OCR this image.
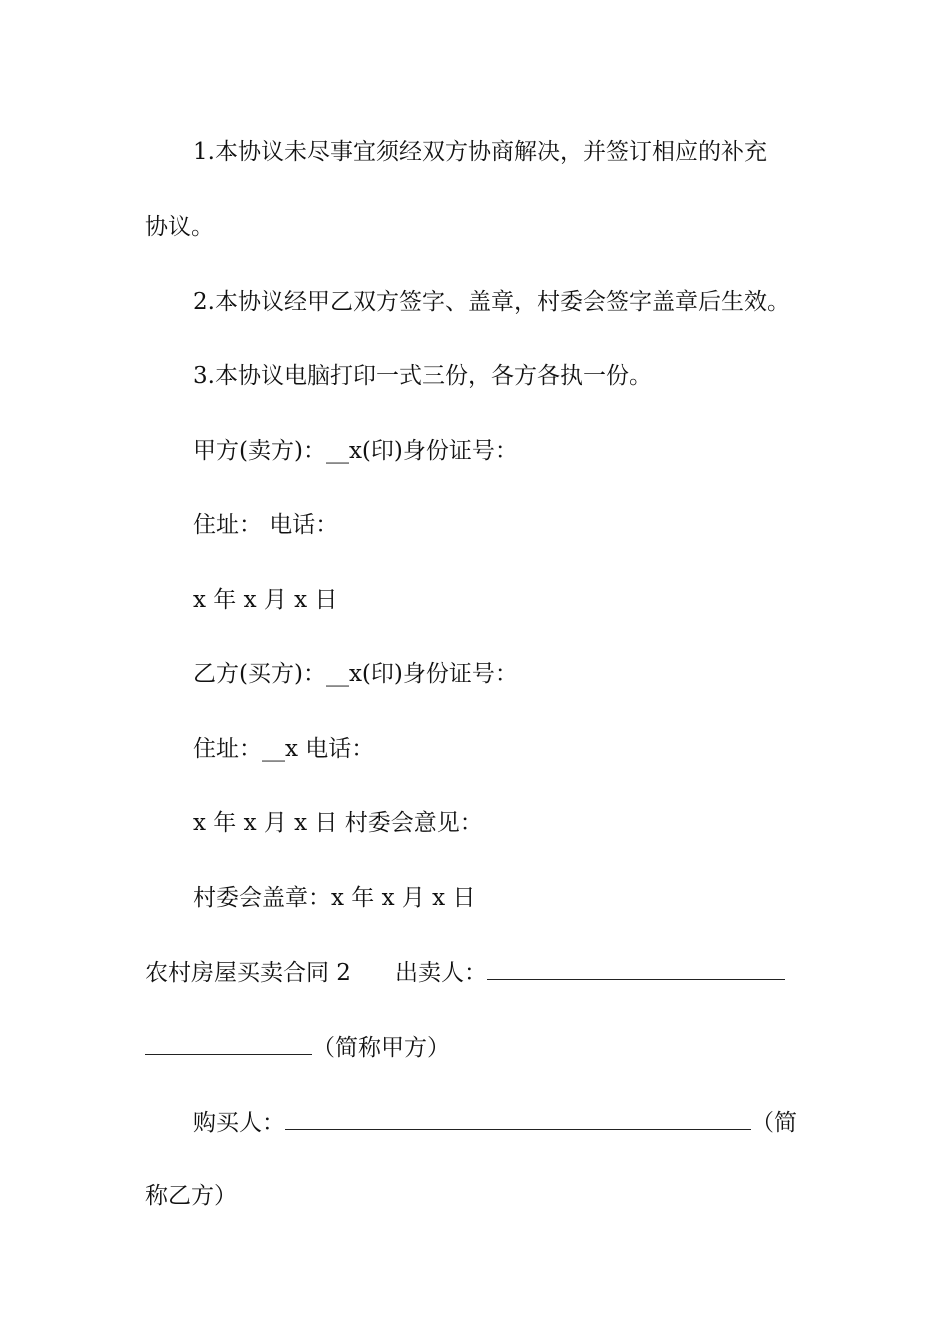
1.本协议未尽事宜须经双方协商解决，并签订相应的补充
协议。
2.本协议经甲乙双方签字、盖章，村委会签字盖章后生效。
3.本协议电脑打印一式三份，各方各执一份。
甲方(卖方)：__x(印)身份证号：
住址： 电话：
x 年 x 月 x 日
乙方(买方)：__x(印)身份证号：
住址：__x 电话：
x 年 x 月 x 日 村委会意见：
村委会盖章：x 年 x 月 x 日
农村房屋买卖合同 2 出卖人：
（简称甲方）
购买人：	（简
称乙方）
